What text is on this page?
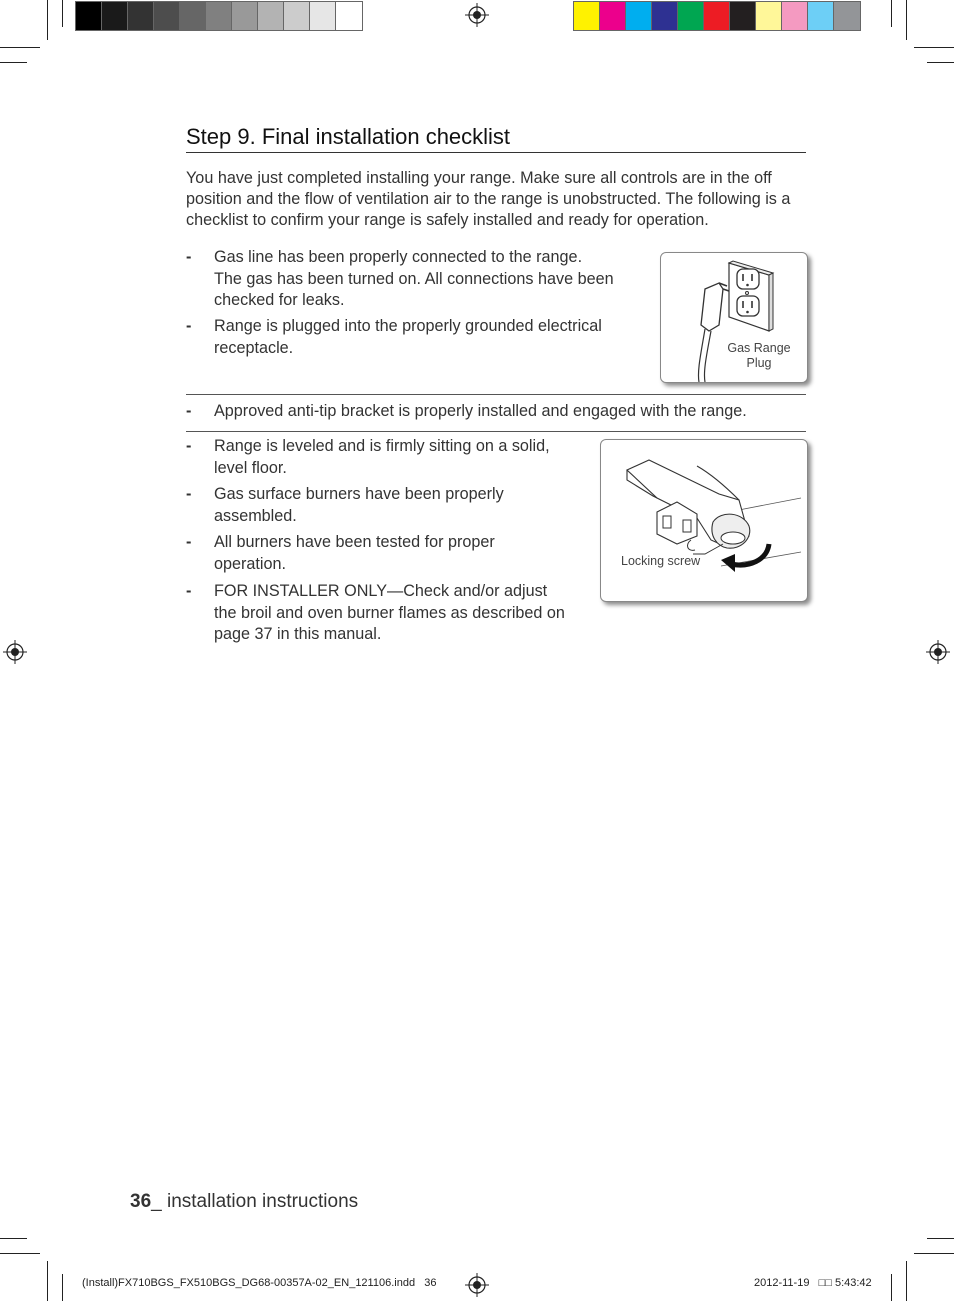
Step 9. Final installation checklist
You have just completed installing your range. Make sure all controls are in the off position and the flow of ventilation air to the range is unobstructed. The following is a checklist to confirm your range is safely installed and ready for operation.
- Gas line has been properly connected to the range.
The gas has been turned on. All connections have been
checked for leaks.
- Range is plugged into the properly grounded electrical
receptacle.	Gas Range
Plug
- Approved anti-tip bracket is properly installed and engaged with the range.
- Range is leveled and is firmly sitting on a solid,
level floor.
- Gas surface burners have been properly
assembled.
- All burners have been tested for proper
operation.
- FOR INSTALLER ONLY—Check and/or adjust
the broil and oven burner flames as described on
page 37 in this manual.
Locking screw
36_ installation instructions
(Install)FX710BGS_FX510BGS_DG68-00357A-02_EN_121106.indd   36	2012-11-19   □□ 5:43:42
